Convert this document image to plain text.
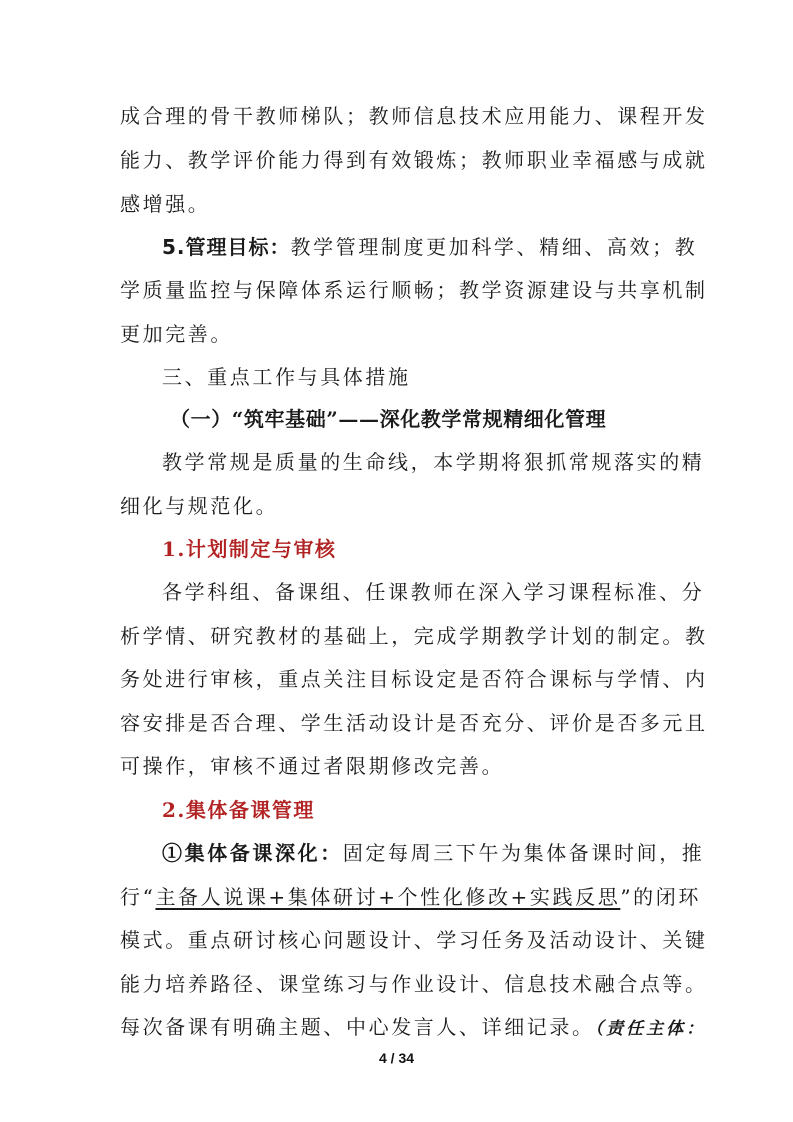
成合理的骨干教师梯队；教师信息技术应用能力、课程开发
能力、教学评价能力得到有效锻炼；教师职业幸福感与成就
感增强。
5.管理目标：教学管理制度更加科学、精细、高效；教
学质量监控与保障体系运行顺畅；教学资源建设与共享机制
更加完善。
三、重点工作与具体措施
（一）“筑牢基础”——深化教学常规精细化管理
教学常规是质量的生命线，本学期将狠抓常规落实的精
细化与规范化。
1.计划制定与审核
各学科组、备课组、任课教师在深入学习课程标准、分
析学情、研究教材的基础上，完成学期教学计划的制定。教
务处进行审核，重点关注目标设定是否符合课标与学情、内
容安排是否合理、学生活动设计是否充分、评价是否多元且
可操作，审核不通过者限期修改完善。
2.集体备课管理
①集体备课深化：固定每周三下午为集体备课时间，推
行“主备人说课+集体研讨+个性化修改+实践反思”的闭环
模式。重点研讨核心问题设计、学习任务及活动设计、关键
能力培养路径、课堂练习与作业设计、信息技术融合点等。
每次备课有明确主题、中心发言人、详细记录。（责任主体：
4 / 34
